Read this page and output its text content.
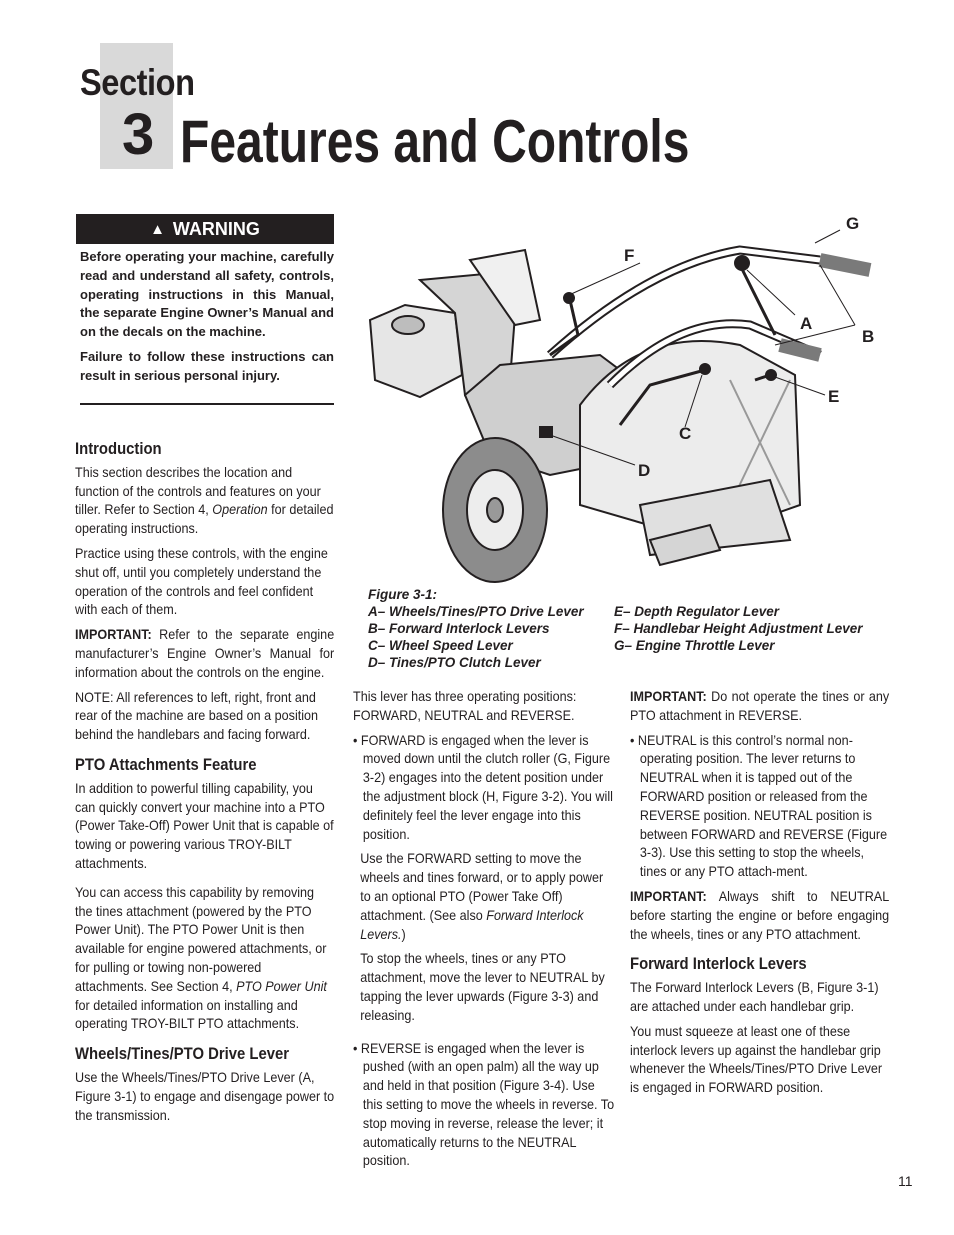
Section
3 Features and Controls
▲ WARNING

Before operating your machine, carefully read and understand all safety, controls, operating instructions in this Manual, the separate Engine Owner’s Manual and on the decals on the machine.

Failure to follow these instructions can result in serious personal injury.

Introduction

This section describes the location and function of the controls and features on your tiller. Refer to Section 4, Operation for detailed operating instructions.

Practice using these controls, with the engine shut off, until you completely understand the operation of the controls and feel confident with each of them.

IMPORTANT: Refer to the separate engine manufacturer’s Engine Owner’s Manual for information about the controls on the engine.

NOTE: All references to left, right, front and rear of the machine are based on a position behind the handlebars and facing forward.

PTO Attachments Feature

In addition to powerful tilling capability, you can quickly convert your machine into a PTO (Power Take-Off) Power Unit that is capable of towing or powering various TROY-BILT attachments.

You can access this capability by removing the tines attachment (powered by the PTO Power Unit). The PTO Power Unit is then available for engine powered attachments, or for pulling or towing non-powered attachments. See Section 4, PTO Power Unit for detailed information on installing and operating TROY-BILT PTO attachments.

Wheels/Tines/PTO Drive Lever

Use the Wheels/Tines/PTO Drive Lever (A, Figure 3-1) to engage and disengage power to the transmission.

F
G
A
B
E
C
D
Figure 3-1:
A– Wheels/Tines/PTO Drive Lever
B– Forward Interlock Levers
C– Wheel Speed Lever
D– Tines/PTO Clutch Lever
E– Depth Regulator Lever
F– Handlebar Height Adjustment Lever
G– Engine Throttle Lever

This lever has three operating positions: FORWARD, NEUTRAL and REVERSE.

• FORWARD is engaged when the lever is moved down until the clutch roller (G, Figure 3-2) engages into the detent position under the adjustment block (H, Figure 3-2). You will definitely feel the lever engage into this position.

Use the FORWARD setting to move the wheels and tines forward, or to apply power to an optional PTO (Power Take Off) attachment. (See also Forward Interlock Levers.)

To stop the wheels, tines or any PTO attachment, move the lever to NEUTRAL by tapping the lever upwards (Figure 3-3) and releasing.

• REVERSE is engaged when the lever is pushed (with an open palm) all the way up and held in that position (Figure 3-4). Use this setting to move the wheels in reverse. To stop moving in reverse, release the lever; it automatically returns to the NEUTRAL position.

IMPORTANT: Do not operate the tines or any PTO attachment in REVERSE.

• NEUTRAL is this control’s normal non-operating position. The lever returns to NEUTRAL when it is tapped out of the FORWARD position or released from the REVERSE position. NEUTRAL position is between FORWARD and REVERSE (Figure 3-3). Use this setting to stop the wheels, tines or any PTO attach-ment.

IMPORTANT: Always shift to NEUTRAL before starting the engine or before engaging the wheels, tines or any PTO attachment.

Forward Interlock Levers

The Forward Interlock Levers (B, Figure 3-1) are attached under each handlebar grip.

You must squeeze at least one of these interlock levers up against the handlebar grip whenever the Wheels/Tines/PTO Drive Lever is engaged in FORWARD position.

11
